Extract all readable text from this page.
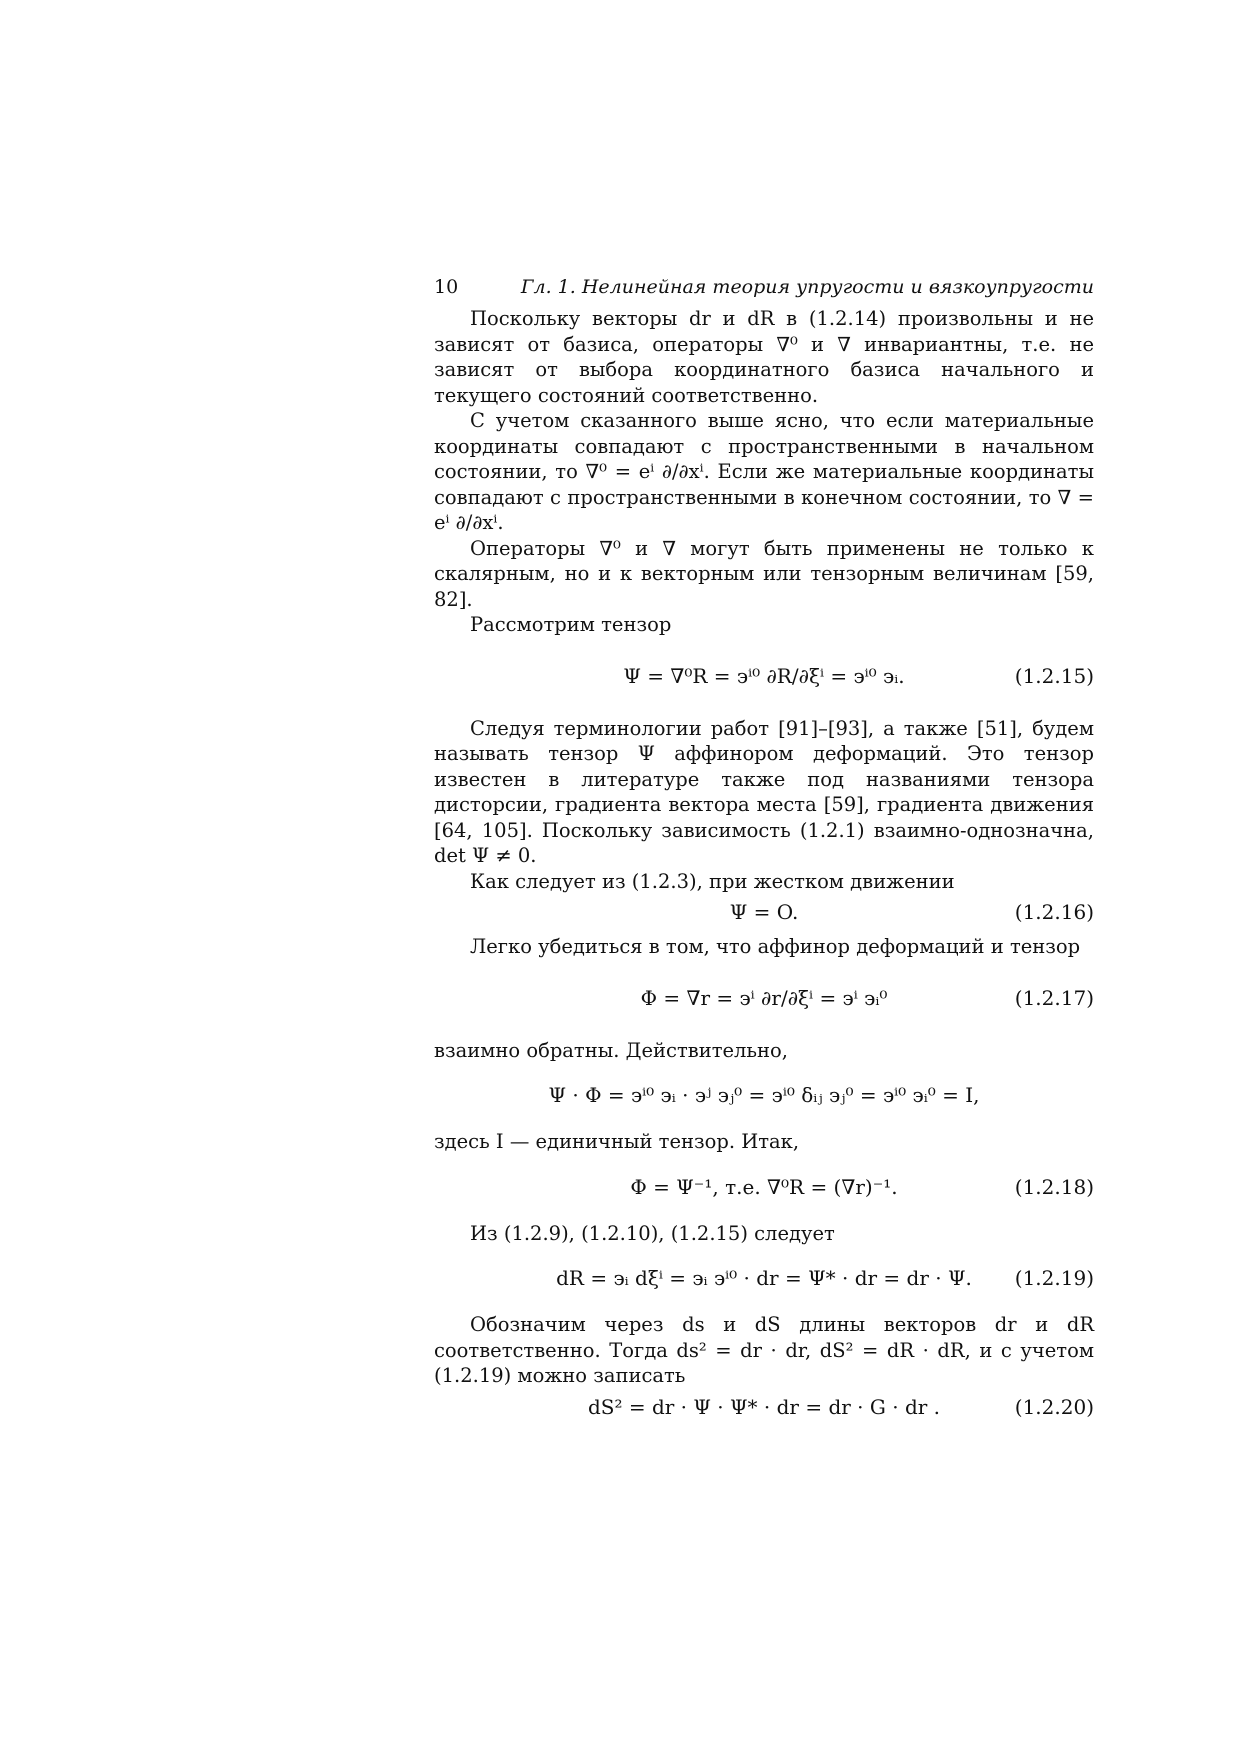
10	Гл. 1. Нелинейная теория упругости и вязкоупругости

Поскольку векторы dr и dR в (1.2.14) произвольны и не зависят от базиса, операторы ∇⁰ и ∇ инвариантны, т.е. не зависят от выбора координатного базиса начального и текущего состояний соответственно.

С учетом сказанного выше ясно, что если материальные координаты совпадают с пространственными в начальном состоянии, то ∇⁰ = eⁱ ∂/∂xⁱ. Если же материальные координаты совпадают с пространственными в конечном состоянии, то ∇ = eⁱ ∂/∂xⁱ.

Операторы ∇⁰ и ∇ могут быть применены не только к скалярным, но и к векторным или тензорным величинам [59, 82].

Рассмотрим тензор

Ψ = ∇⁰R = эⁱ⁰ ∂R/∂ξⁱ = эⁱ⁰ эᵢ.	(1.2.15)

Следуя терминологии работ [91]–[93], а также [51], будем называть тензор Ψ аффинором деформаций. Это тензор известен в литературе также под названиями тензора дисторсии, градиента вектора места [59], градиента движения [64, 105]. Поскольку зависимость (1.2.1) взаимно-однозначна, det Ψ ≠ 0.

Как следует из (1.2.3), при жестком движении

Ψ = O.	(1.2.16)

Легко убедиться в том, что аффинор деформаций и тензор

Φ = ∇r = эⁱ ∂r/∂ξⁱ = эⁱ эᵢ⁰	(1.2.17)

взаимно обратны. Действительно,

Ψ · Φ = эⁱ⁰ эᵢ · эʲ эⱼ⁰ = эⁱ⁰ δᵢⱼ эⱼ⁰ = эⁱ⁰ эᵢ⁰ = I,

здесь I — единичный тензор. Итак,

Φ = Ψ⁻¹, т.е. ∇⁰R = (∇r)⁻¹.	(1.2.18)

Из (1.2.9), (1.2.10), (1.2.15) следует

dR = эᵢ dξⁱ = эᵢ эⁱ⁰ · dr = Ψ* · dr = dr · Ψ.	(1.2.19)

Обозначим через ds и dS длины векторов dr и dR соответственно. Тогда ds² = dr · dr, dS² = dR · dR, и с учетом (1.2.19) можно записать

dS² = dr · Ψ · Ψ* · dr = dr · G · dr .	(1.2.20)
